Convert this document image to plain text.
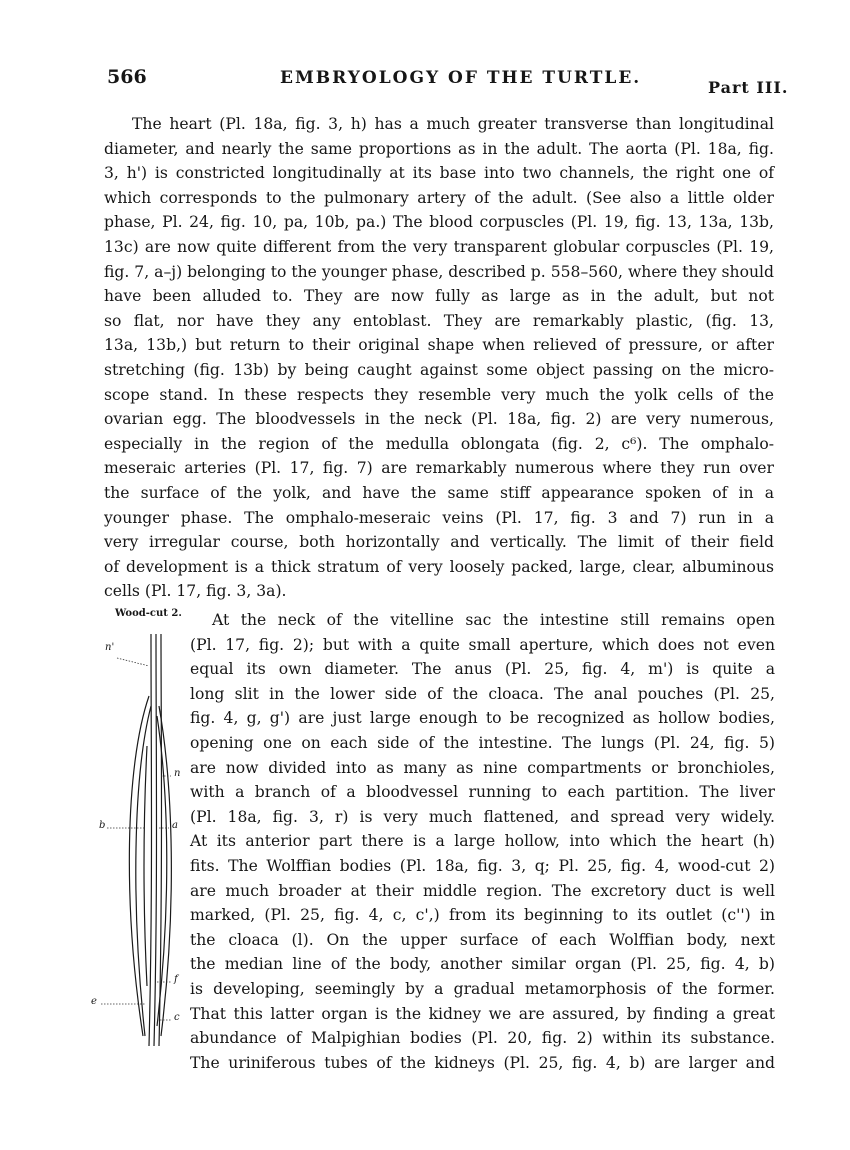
566	EMBRYOLOGY OF THE TURTLE.	Part III.
The heart (Pl. 18a, fig. 3, h) has a much greater transverse than longitudinal
diameter, and nearly the same proportions as in the adult. The aorta (Pl. 18a, fig.
3, h') is constricted longitudinally at its base into two channels, the right one of
which corresponds to the pulmonary artery of the adult. (See also a little older
phase, Pl. 24, fig. 10, pa, 10b, pa.) The blood corpuscles (Pl. 19, fig. 13, 13a, 13b,
13c) are now quite different from the very transparent globular corpuscles (Pl. 19,
fig. 7, a–j) belonging to the younger phase, described p. 558–560, where they should
have been alluded to. They are now fully as large as in the adult, but not
so flat, nor have they any entoblast. They are remarkably plastic, (fig. 13,
13a, 13b,) but return to their original shape when relieved of pressure, or after
stretching (fig. 13b) by being caught against some object passing on the micro-
scope stand. In these respects they resemble very much the yolk cells of the
ovarian egg. The bloodvessels in the neck (Pl. 18a, fig. 2) are very numerous,
especially in the region of the medulla oblongata (fig. 2, c⁶). The omphalo-
meseraic arteries (Pl. 17, fig. 7) are remarkably numerous where they run over
the surface of the yolk, and have the same stiff appearance spoken of in a
younger phase. The omphalo-meseraic veins (Pl. 17, fig. 3 and 7) run in a
very irregular course, both horizontally and vertically. The limit of their field
of development is a thick stratum of very loosely packed, large, clear, albuminous
cells (Pl. 17, fig. 3, 3a).
Wood-cut 2.
n'
n
b	a
f
e
c
At the neck of the vitelline sac the intestine still remains open
(Pl. 17, fig. 2); but with a quite small aperture, which does not even
equal its own diameter. The anus (Pl. 25, fig. 4, m') is quite a
long slit in the lower side of the cloaca. The anal pouches (Pl. 25,
fig. 4, g, g') are just large enough to be recognized as hollow bodies,
opening one on each side of the intestine. The lungs (Pl. 24, fig. 5)
are now divided into as many as nine compartments or bronchioles,
with a branch of a bloodvessel running to each partition. The liver
(Pl. 18a, fig. 3, r) is very much flattened, and spread very widely.
At its anterior part there is a large hollow, into which the heart (h)
fits. The Wolffian bodies (Pl. 18a, fig. 3, q; Pl. 25, fig. 4, wood-cut 2)
are much broader at their middle region. The excretory duct is well
marked, (Pl. 25, fig. 4, c, c',) from its beginning to its outlet (c'') in
the cloaca (l). On the upper surface of each Wolffian body, next
the median line of the body, another similar organ (Pl. 25, fig. 4, b)
is developing, seemingly by a gradual metamorphosis of the former.
That this latter organ is the kidney we are assured, by finding a great
abundance of Malpighian bodies (Pl. 20, fig. 2) within its substance.
The uriniferous tubes of the kidneys (Pl. 25, fig. 4, b) are larger and
